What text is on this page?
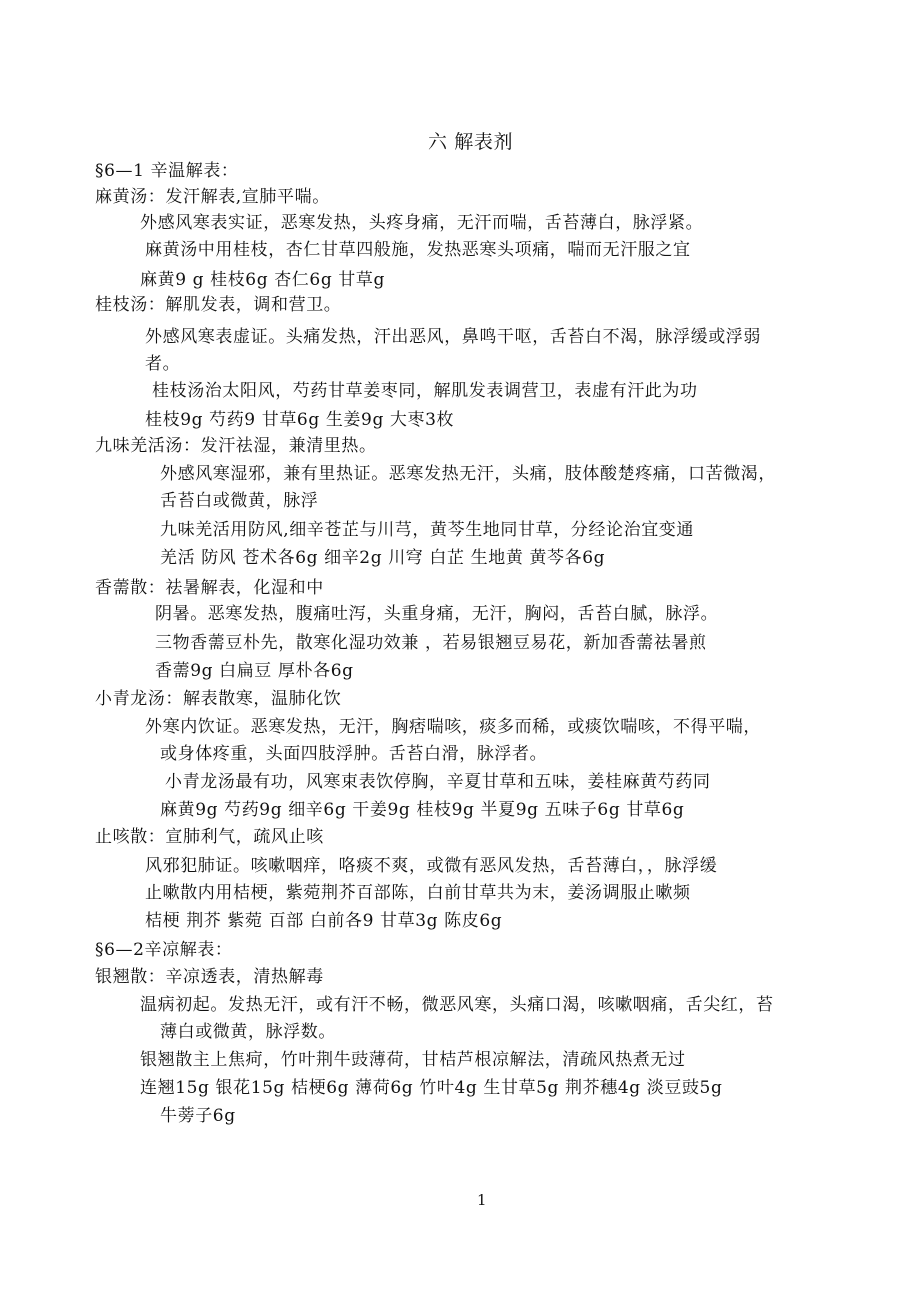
六 解表剂
§6—1 辛温解表：
麻黄汤：发汗解表,宣肺平喘。
外感风寒表实证，恶寒发热，头疼身痛，无汗而喘，舌苔薄白，脉浮紧。
麻黄汤中用桂枝，杏仁甘草四般施，发热恶寒头项痛，喘而无汗服之宜
麻黄9 g 桂枝6g 杏仁6g 甘草g
桂枝汤：解肌发表，调和营卫。
外感风寒表虚证。头痛发热，汗出恶风，鼻鸣干呕，舌苔白不渴，脉浮缓或浮弱
者。
桂枝汤治太阳风，芍药甘草姜枣同，解肌发表调营卫，表虚有汗此为功
桂枝9g 芍药9 甘草6g 生姜9g 大枣3枚
九味羌活汤：发汗祛湿，兼清里热。
外感风寒湿邪，兼有里热证。恶寒发热无汗，头痛，肢体酸楚疼痛，口苦微渴，
舌苔白或微黄，脉浮
九味羌活用防风,细辛苍芷与川芎，黄芩生地同甘草，分经论治宜变通
羌活 防风 苍术各6g 细辛2g 川穹 白芷 生地黄 黄芩各6g
香薷散：祛暑解表，化湿和中
阴暑。恶寒发热，腹痛吐泻，头重身痛，无汗，胸闷，舌苔白腻，脉浮。
三物香薷豆朴先，散寒化湿功效兼 ，若易银翘豆易花，新加香薷祛暑煎
香薷9g 白扁豆 厚朴各6g
小青龙汤：解表散寒，温肺化饮
外寒内饮证。恶寒发热，无汗，胸痞喘咳，痰多而稀，或痰饮喘咳，不得平喘，
或身体疼重，头面四肢浮肿。舌苔白滑，脉浮者。
小青龙汤最有功，风寒束表饮停胸，辛夏甘草和五味，姜桂麻黄芍药同
麻黄9g 芍药9g 细辛6g 干姜9g 桂枝9g 半夏9g 五味子6g 甘草6g
止咳散：宣肺利气，疏风止咳
风邪犯肺证。咳嗽咽痒，咯痰不爽，或微有恶风发热，舌苔薄白，，脉浮缓
止嗽散内用桔梗，紫菀荆芥百部陈，白前甘草共为末，姜汤调服止嗽频
桔梗 荆芥 紫菀 百部 白前各9 甘草3g 陈皮6g
§6—2辛凉解表：
银翘散：辛凉透表，清热解毒
温病初起。发热无汗，或有汗不畅，微恶风寒，头痛口渴，咳嗽咽痛，舌尖红，苔
薄白或微黄，脉浮数。
银翘散主上焦疴，竹叶荆牛豉薄荷，甘桔芦根凉解法，清疏风热煮无过
连翘15g 银花15g 桔梗6g 薄荷6g 竹叶4g 生甘草5g 荆芥穗4g 淡豆豉5g
牛蒡子6g
1
